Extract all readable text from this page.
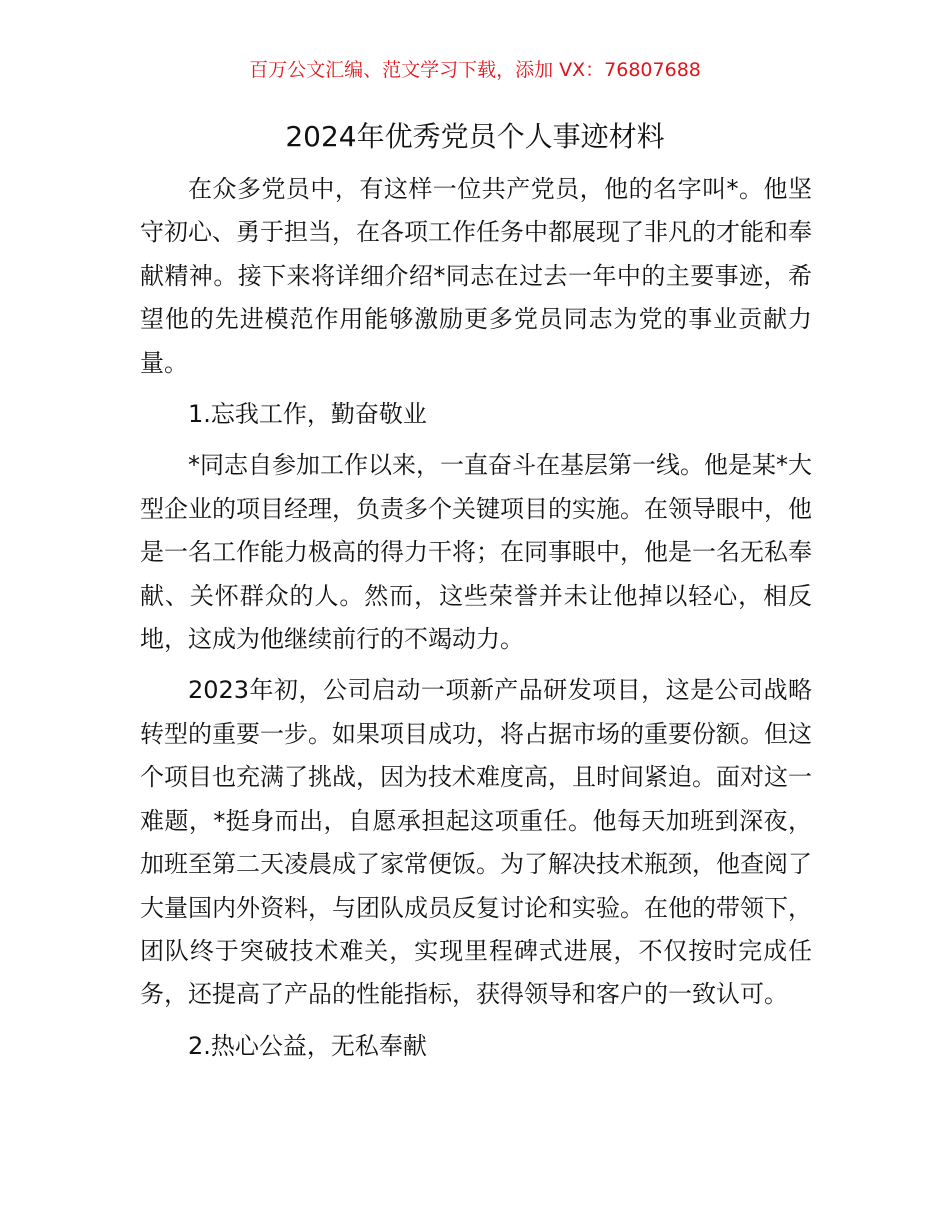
百万公文汇编、范文学习下载，添加 VX：76807688
2024年优秀党员个人事迹材料

在众多党员中，有这样一位共产党员，他的名字叫*。他坚守初心、勇于担当，在各项工作任务中都展现了非凡的才能和奉献精神。接下来将详细介绍*同志在过去一年中的主要事迹，希望他的先进模范作用能够激励更多党员同志为党的事业贡献力量。

1.忘我工作，勤奋敬业

*同志自参加工作以来，一直奋斗在基层第一线。他是某*大型企业的项目经理，负责多个关键项目的实施。在领导眼中，他是一名工作能力极高的得力干将；在同事眼中，他是一名无私奉献、关怀群众的人。然而，这些荣誉并未让他掉以轻心，相反地，这成为他继续前行的不竭动力。

2023年初，公司启动一项新产品研发项目，这是公司战略转型的重要一步。如果项目成功，将占据市场的重要份额。但这个项目也充满了挑战，因为技术难度高，且时间紧迫。面对这一难题，*挺身而出，自愿承担起这项重任。他每天加班到深夜，加班至第二天凌晨成了家常便饭。为了解决技术瓶颈，他查阅了大量国内外资料，与团队成员反复讨论和实验。在他的带领下，团队终于突破技术难关，实现里程碑式进展，不仅按时完成任务，还提高了产品的性能指标，获得领导和客户的一致认可。

2.热心公益，无私奉献
